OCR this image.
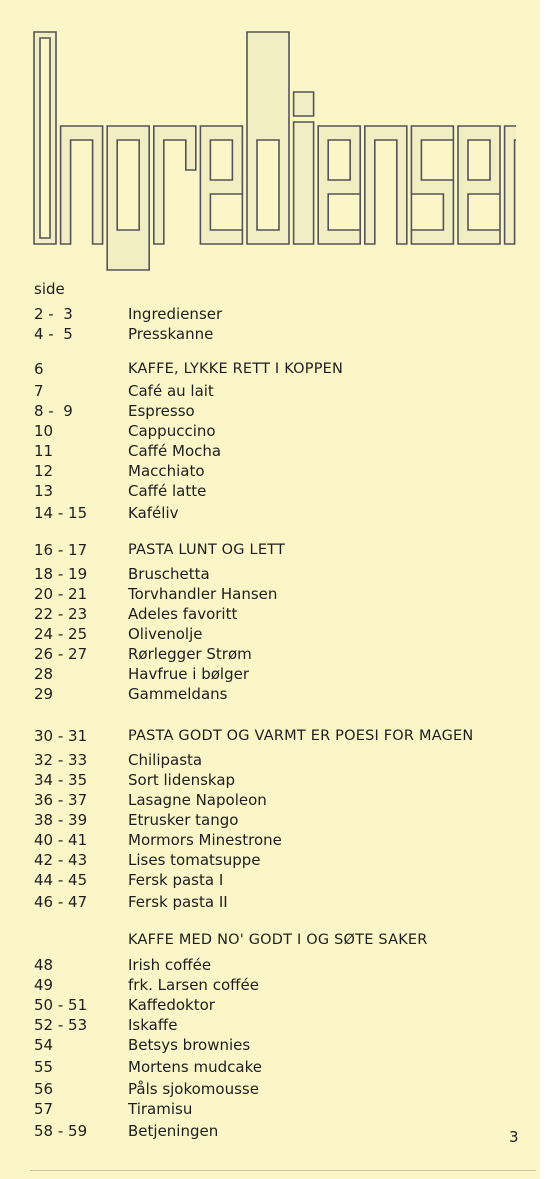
side
2 -  3	Ingredienser
4 -  5	Presskanne
6	KAFFE, LYKKE RETT I KOPPEN
7	Café au lait
8 -  9	Espresso
10	Cappuccino
11	Caffé Mocha
12	Macchiato
13	Caffé latte
14 - 15	Kaféliv
16 - 17	PASTA LUNT OG LETT
18 - 19	Bruschetta
20 - 21	Torvhandler Hansen
22 - 23	Adeles favoritt
24 - 25	Olivenolje
26 - 27	Rørlegger Strøm
28	Havfrue i bølger
29	Gammeldans
30 - 31	PASTA GODT OG VARMT ER POESI FOR MAGEN
32 - 33	Chilipasta
34 - 35	Sort lidenskap
36 - 37	Lasagne Napoleon
38 - 39	Etrusker tango
40 - 41	Mormors Minestrone
42 - 43	Lises tomatsuppe
44 - 45	Fersk pasta I
46 - 47	Fersk pasta II
KAFFE MED NO' GODT I OG SØTE SAKER
48	Irish coffée
49	frk. Larsen coffée
50 - 51	Kaffedoktor
52 - 53	Iskaffe
54	Betsys brownies
55	Mortens mudcake
56	Påls sjokomousse
57	Tiramisu
58 - 59	Betjeningen	3
